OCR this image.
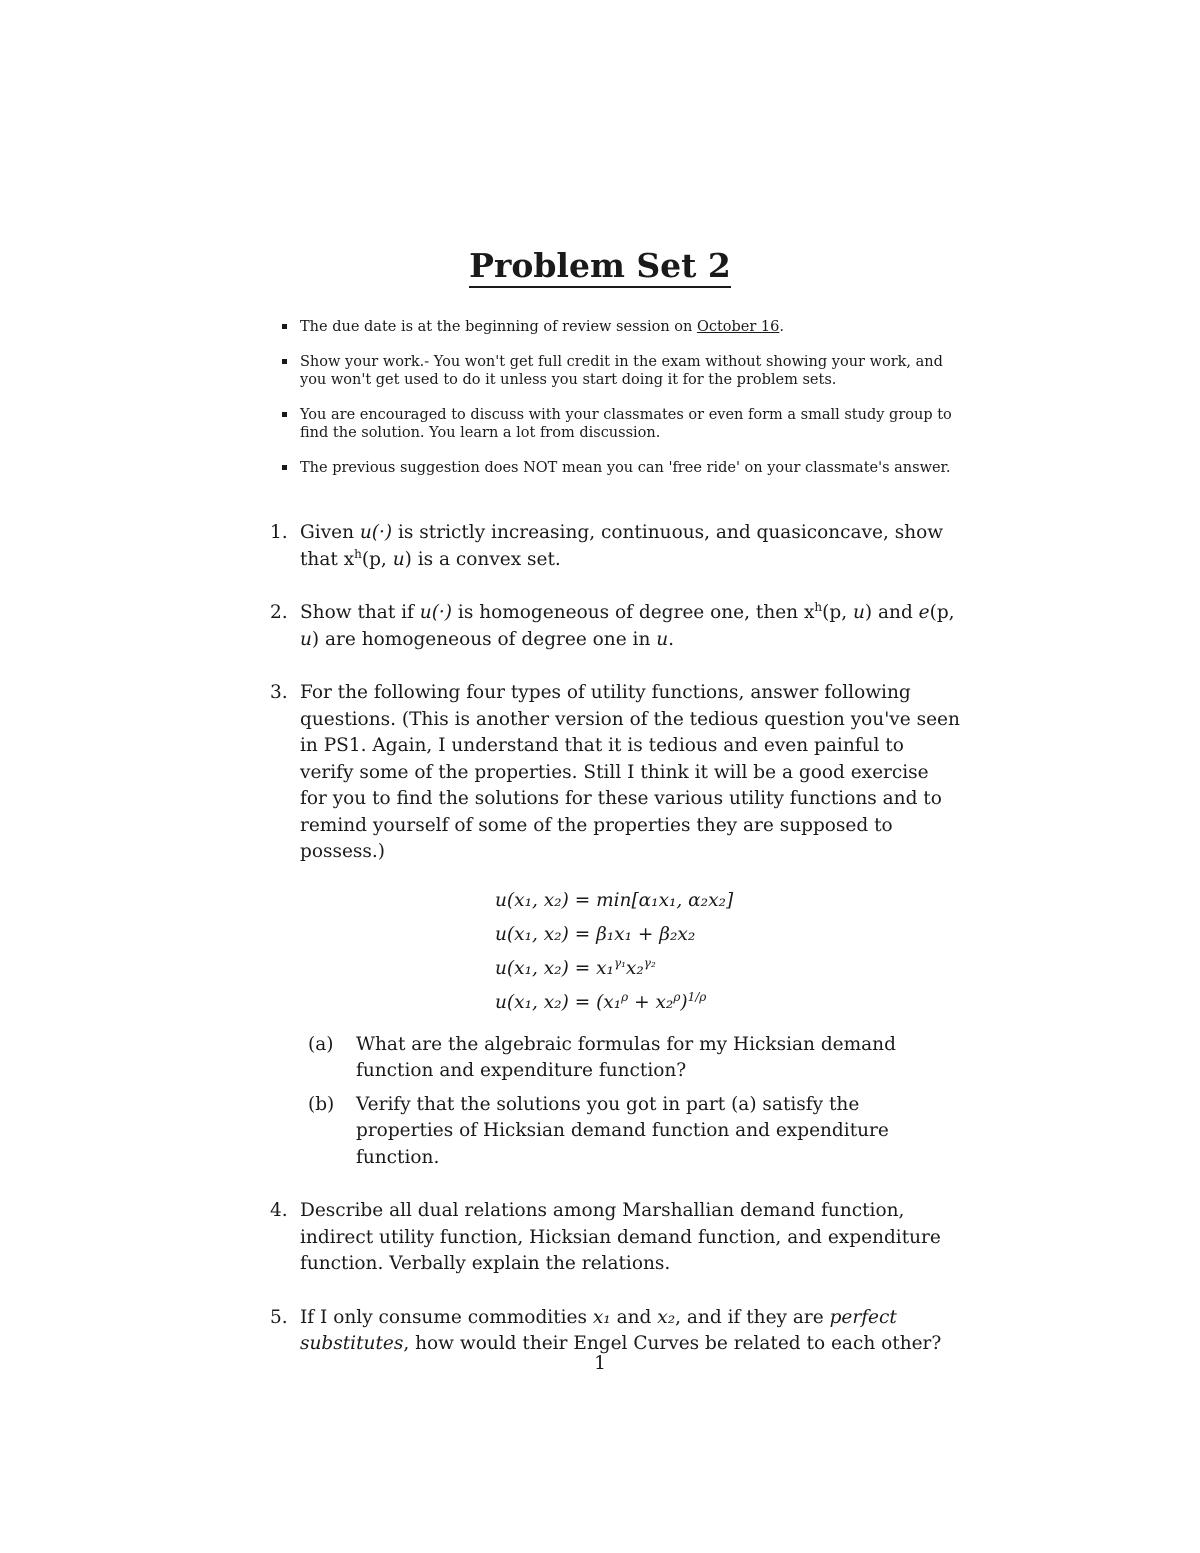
Problem Set 2
The due date is at the beginning of review session on October 16.
Show your work.- You won't get full credit in the exam without showing your work, and you won't get used to do it unless you start doing it for the problem sets.
You are encouraged to discuss with your classmates or even form a small study group to find the solution. You learn a lot from discussion.
The previous suggestion does NOT mean you can 'free ride' on your classmate's answer.
1. Given u(·) is strictly increasing, continuous, and quasiconcave, show that $x^h(p$, u) is a convex set.
2. Show that if u(·) is homogeneous of degree one, then $x^h(p$, u) and e(p, u) are homogeneous of degree one in u.
3. For the following four types of utility functions, answer following questions. (This is another version of the tedious question you've seen in PS1. Again, I understand that it is tedious and even painful to verify some of the properties. Still I think it will be a good exercise for you to find the solutions for these various utility functions and to remind yourself of some of the properties they are supposed to possess.)
u(x₁, x₂) = min[α₁x₁, α₂x₂]
u(x₁, x₂) = β₁x₁ + β₂x₂
u(x₁, x₂) = x₁$^{\gamma_1}$x₂$^{\gamma_2}$
u(x₁, $x_2) = (x_1^\rho + x_2^\rho)^{1/\rho}$
(a) What are the algebraic formulas for my Hicksian demand function and expenditure function?
(b) Verify that the solutions you got in part (a) satisfy the properties of Hicksian demand function and expenditure function.
4. Describe all dual relations among Marshallian demand function, indirect utility function, Hicksian demand function, and expenditure function. Verbally explain the relations.
5. If I only consume commodities x₁ and x₂, and if they are perfect substitutes, how would their Engel Curves be related to each other?
1
